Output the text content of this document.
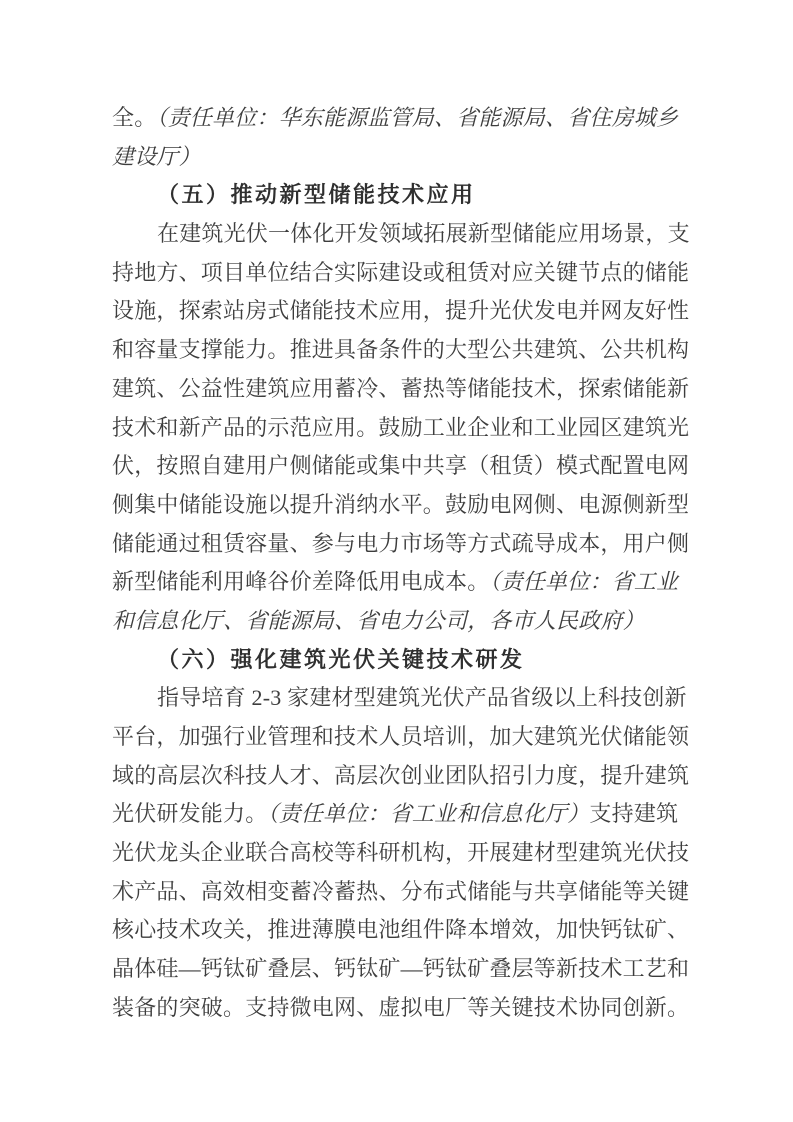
全。（责任单位：华东能源监管局、省能源局、省住房城乡
建设厅）
（五）推动新型储能技术应用
在建筑光伏一体化开发领域拓展新型储能应用场景，支
持地方、项目单位结合实际建设或租赁对应关键节点的储能
设施，探索站房式储能技术应用，提升光伏发电并网友好性
和容量支撑能力。推进具备条件的大型公共建筑、公共机构
建筑、公益性建筑应用蓄冷、蓄热等储能技术，探索储能新
技术和新产品的示范应用。鼓励工业企业和工业园区建筑光
伏，按照自建用户侧储能或集中共享（租赁）模式配置电网
侧集中储能设施以提升消纳水平。鼓励电网侧、电源侧新型
储能通过租赁容量、参与电力市场等方式疏导成本，用户侧
新型储能利用峰谷价差降低用电成本。（责任单位：省工业
和信息化厅、省能源局、省电力公司，各市人民政府）
（六）强化建筑光伏关键技术研发
指导培育 2-3 家建材型建筑光伏产品省级以上科技创新
平台，加强行业管理和技术人员培训，加大建筑光伏储能领
域的高层次科技人才、高层次创业团队招引力度，提升建筑
光伏研发能力。（责任单位：省工业和信息化厅）支持建筑
光伏龙头企业联合高校等科研机构，开展建材型建筑光伏技
术产品、高效相变蓄冷蓄热、分布式储能与共享储能等关键
核心技术攻关，推进薄膜电池组件降本增效，加快钙钛矿、
晶体硅—钙钛矿叠层、钙钛矿—钙钛矿叠层等新技术工艺和
装备的突破。支持微电网、虚拟电厂等关键技术协同创新。
